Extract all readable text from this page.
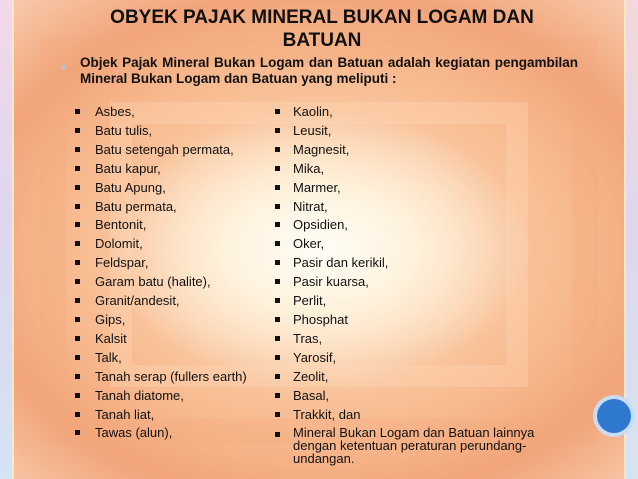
OBYEK PAJAK MINERAL BUKAN LOGAM DAN BATUAN
Objek Pajak Mineral Bukan Logam dan Batuan adalah kegiatan pengambilan Mineral Bukan Logam dan Batuan yang meliputi :
Asbes,
Batu tulis,
Batu setengah permata,
Batu kapur,
Batu Apung,
Batu permata,
Bentonit,
Dolomit,
Feldspar,
Garam batu (halite),
Granit/andesit,
Gips,
Kalsit
Talk,
Tanah serap (fullers earth)
Tanah diatome,
Tanah liat,
Tawas (alun),
Kaolin,
Leusit,
Magnesit,
Mika,
Marmer,
Nitrat,
Opsidien,
Oker,
Pasir dan kerikil,
Pasir kuarsa,
Perlit,
Phosphat
Tras,
Yarosif,
Zeolit,
Basal,
Trakkit, dan
Mineral Bukan Logam dan Batuan lainnya dengan ketentuan peraturan perundang-undangan.
